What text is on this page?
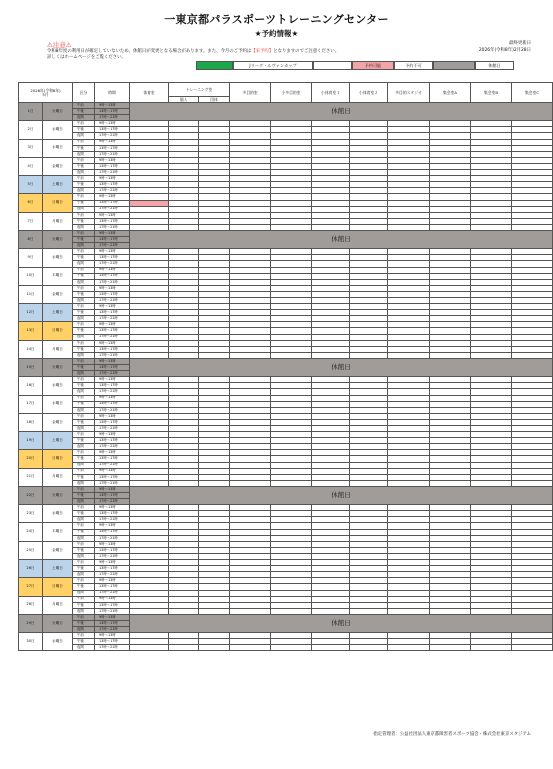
一東京都パラスポーツトレーニングセンター
★予約情報★
⚠注意⚠
令和8年度の利用日が確定していないため、休館日が変更となる場合があります。また、今月のご予約は【来予約】となりますのでご注意ください。
詳しくはホームページをご覧ください。
最終更新日
2026年(令和8年)2月28日
Jリーグ・ルヴァンカップ	予約可能	予約不可	休館日
2026年(令和8年)
5月		区分	時間	体育室	トレーニング室		多目的室	小多目的室	小体育室１	小体育室２	多目的スタジオ	集会室A	集会室B	集会室C
					個人	団体								
1日	火曜日	午前	9時～13時	休館日										
		午後	13時～17時											
		夜間	17時～21時											
2日	水曜日	午前	9時～13時											
		午後	13時～17時											
		夜間	17時～21時											
3日	水曜日	午前	9時～13時											
		午後	13時～17時											
		夜間	17時～21時											
4日	金曜日	午前	9時～13時											
		午後	13時～17時											
		夜間	17時～21時											
5日	土曜日	午前	9時～13時											
		午後	13時～17時											
		夜間	17時～21時											
6日	日曜日	午前	9時～13時											
		午後	13時～17時											
		夜間	17時～21時											
7日	月曜日	午前	9時～13時											
		午後	13時～17時											
		夜間	17時～21時											
8日	火曜日	午前	9時～13時	休館日										
		午後	13時～17時											
		夜間	17時～21時											
9日	水曜日	午前	9時～13時											
		午後	13時～17時											
		夜間	17時～21時											
10日	木曜日	午前	9時～13時											
		午後	13時～17時											
		夜間	17時～21時											
11日	金曜日	午前	9時～13時											
		午後	13時～17時											
		夜間	17時～21時											
12日	土曜日	午前	9時～13時											
		午後	13時～17時											
		夜間	17時～21時											
13日	日曜日	午前	9時～13時											
		午後	13時～17時											
		夜間	17時～21時											
14日	月曜日	午前	9時～13時											
		午後	13時～17時											
		夜間	17時～21時											
15日	火曜日	午前	9時～13時	休館日										
		午後	13時～17時											
		夜間	17時～21時											
16日	水曜日	午前	9時～13時											
		午後	13時～17時											
		夜間	17時～21時											
17日	水曜日	午前	9時～13時											
		午後	13時～17時											
		夜間	17時～21時											
18日	金曜日	午前	9時～13時											
		午後	13時～17時											
		夜間	17時～21時											
19日	土曜日	午前	9時～13時											
		午後	13時～17時											
		夜間	17時～21時											
20日	日曜日	午前	9時～13時											
		午後	13時～17時											
		夜間	17時～21時											
21日	月曜日	午前	9時～13時											
		午後	13時～17時											
		夜間	17時～21時											
22日	火曜日	午前	9時～13時	休館日										
		午後	13時～17時											
		夜間	17時～21時											
23日	水曜日	午前	9時～13時											
		午後	13時～17時											
		夜間	17時～21時											
24日	木曜日	午前	9時～13時											
		午後	13時～17時											
		夜間	17時～21時											
25日	金曜日	午前	9時～13時											
		午後	13時～17時											
		夜間	17時～21時											
26日	土曜日	午前	9時～13時											
		午後	13時～17時											
		夜間	17時～21時											
27日	日曜日	午前	9時～13時											
		午後	13時～17時											
		夜間	17時～21時											
28日	月曜日	午前	9時～13時											
		午後	13時～17時											
		夜間	17時～21時											
29日	火曜日	午前	9時～13時	休館日										
		午後	13時～17時											
		夜間	17時～21時											
30日	水曜日	午前	9時～13時											
		午後	13時～17時											
		夜間	17時～21時											
指定管理者：公益社団法人東京都障害者スポーツ協会・株式会社東京スタジアム
